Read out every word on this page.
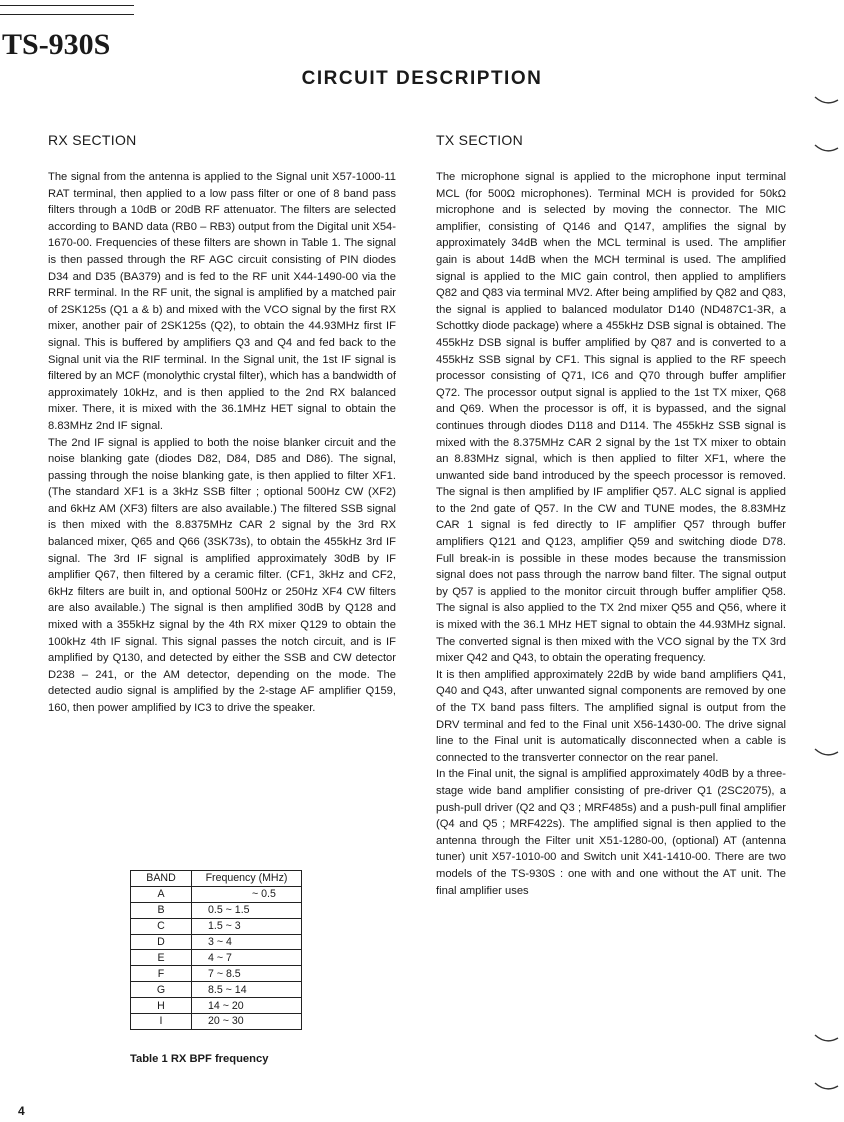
TS-930S
CIRCUIT DESCRIPTION
RX SECTION

The signal from the antenna is applied to the Signal unit X57-1000-11 RAT terminal, then applied to a low pass filter or one of 8 band pass filters through a 10dB or 20dB RF attenuator. The filters are selected according to BAND data (RB0 – RB3) output from the Digital unit X54-1670-00. Frequencies of these filters are shown in Table 1. The signal is then passed through the RF AGC circuit consisting of PIN diodes D34 and D35 (BA379) and is fed to the RF unit X44-1490-00 via the RRF terminal. In the RF unit, the signal is amplified by a matched pair of 2SK125s (Q1 a & b) and mixed with the VCO signal by the first RX mixer, another pair of 2SK125s (Q2), to obtain the 44.93MHz first IF signal. This is buffered by amplifiers Q3 and Q4 and fed back to the Signal unit via the RIF terminal. In the Signal unit, the 1st IF signal is filtered by an MCF (monolythic crystal filter), which has a bandwidth of approximately 10kHz, and is then applied to the 2nd RX balanced mixer. There, it is mixed with the 36.1MHz HET signal to obtain the 8.83MHz 2nd IF signal.

The 2nd IF signal is applied to both the noise blanker circuit and the noise blanking gate (diodes D82, D84, D85 and D86). The signal, passing through the noise blanking gate, is then applied to filter XF1. (The standard XF1 is a 3kHz SSB filter ; optional 500Hz CW (XF2) and 6kHz AM (XF3) filters are also available.) The filtered SSB signal is then mixed with the 8.8375MHz CAR 2 signal by the 3rd RX balanced mixer, Q65 and Q66 (3SK73s), to obtain the 455kHz 3rd IF signal. The 3rd IF signal is amplified approximately 30dB by IF amplifier Q67, then filtered by a ceramic filter. (CF1, 3kHz and CF2, 6kHz filters are built in, and optional 500Hz or 250Hz XF4 CW filters are also available.) The signal is then amplified 30dB by Q128 and mixed with a 355kHz signal by the 4th RX mixer Q129 to obtain the 100kHz 4th IF signal. This signal passes the notch circuit, and is IF amplified by Q130, and detected by either the SSB and CW detector D238 – 241, or the AM detector, depending on the mode. The detected audio signal is amplified by the 2-stage AF amplifier Q159, 160, then power amplified by IC3 to drive the speaker.

BAND	Frequency (MHz)
A	~ 0.5
B	0.5 ~ 1.5
C	1.5 ~ 3
D	3 ~ 4
E	4 ~ 7
F	7 ~ 8.5
G	8.5 ~ 14
H	14 ~ 20
I	20 ~ 30

Table 1 RX BPF frequency

TX SECTION

The microphone signal is applied to the microphone input terminal MCL (for 500Ω microphones). Terminal MCH is provided for 50kΩ microphone and is selected by moving the connector. The MIC amplifier, consisting of Q146 and Q147, amplifies the signal by approximately 34dB when the MCL terminal is used. The amplifier gain is about 14dB when the MCH terminal is used. The amplified signal is applied to the MIC gain control, then applied to amplifiers Q82 and Q83 via terminal MV2. After being amplified by Q82 and Q83, the signal is applied to balanced modulator D140 (ND487C1-3R, a Schottky diode package) where a 455kHz DSB signal is obtained. The 455kHz DSB signal is buffer amplified by Q87 and is converted to a 455kHz SSB signal by CF1. This signal is applied to the RF speech processor consisting of Q71, IC6 and Q70 through buffer amplifier Q72. The processor output signal is applied to the 1st TX mixer, Q68 and Q69. When the processor is off, it is bypassed, and the signal continues through diodes D118 and D114. The 455kHz SSB signal is mixed with the 8.375MHz CAR 2 signal by the 1st TX mixer to obtain an 8.83MHz signal, which is then applied to filter XF1, where the unwanted side band introduced by the speech processor is removed. The signal is then amplified by IF amplifier Q57. ALC signal is applied to the 2nd gate of Q57. In the CW and TUNE modes, the 8.83MHz CAR 1 signal is fed directly to IF amplifier Q57 through buffer amplifiers Q121 and Q123, amplifier Q59 and switching diode D78. Full break-in is possible in these modes because the transmission signal does not pass through the narrow band filter. The signal output by Q57 is applied to the monitor circuit through buffer amplifier Q58. The signal is also applied to the TX 2nd mixer Q55 and Q56, where it is mixed with the 36.1 MHz HET signal to obtain the 44.93MHz signal. The converted signal is then mixed with the VCO signal by the TX 3rd mixer Q42 and Q43, to obtain the operating frequency.

It is then amplified approximately 22dB by wide band amplifiers Q41, Q40 and Q43, after unwanted signal components are removed by one of the TX band pass filters. The amplified signal is output from the DRV terminal and fed to the Final unit X56-1430-00. The drive signal line to the Final unit is automatically disconnected when a cable is connected to the transverter connector on the rear panel.

In the Final unit, the signal is amplified approximately 40dB by a three-stage wide band amplifier consisting of pre-driver Q1 (2SC2075), a push-pull driver (Q2 and Q3 ; MRF485s) and a push-pull final amplifier (Q4 and Q5 ; MRF422s). The amplified signal is then applied to the antenna through the Filter unit X51-1280-00, (optional) AT (antenna tuner) unit X57-1010-00 and Switch unit X41-1410-00. There are two models of the TS-930S : one with and one without the AT unit. The final amplifier uses

4
